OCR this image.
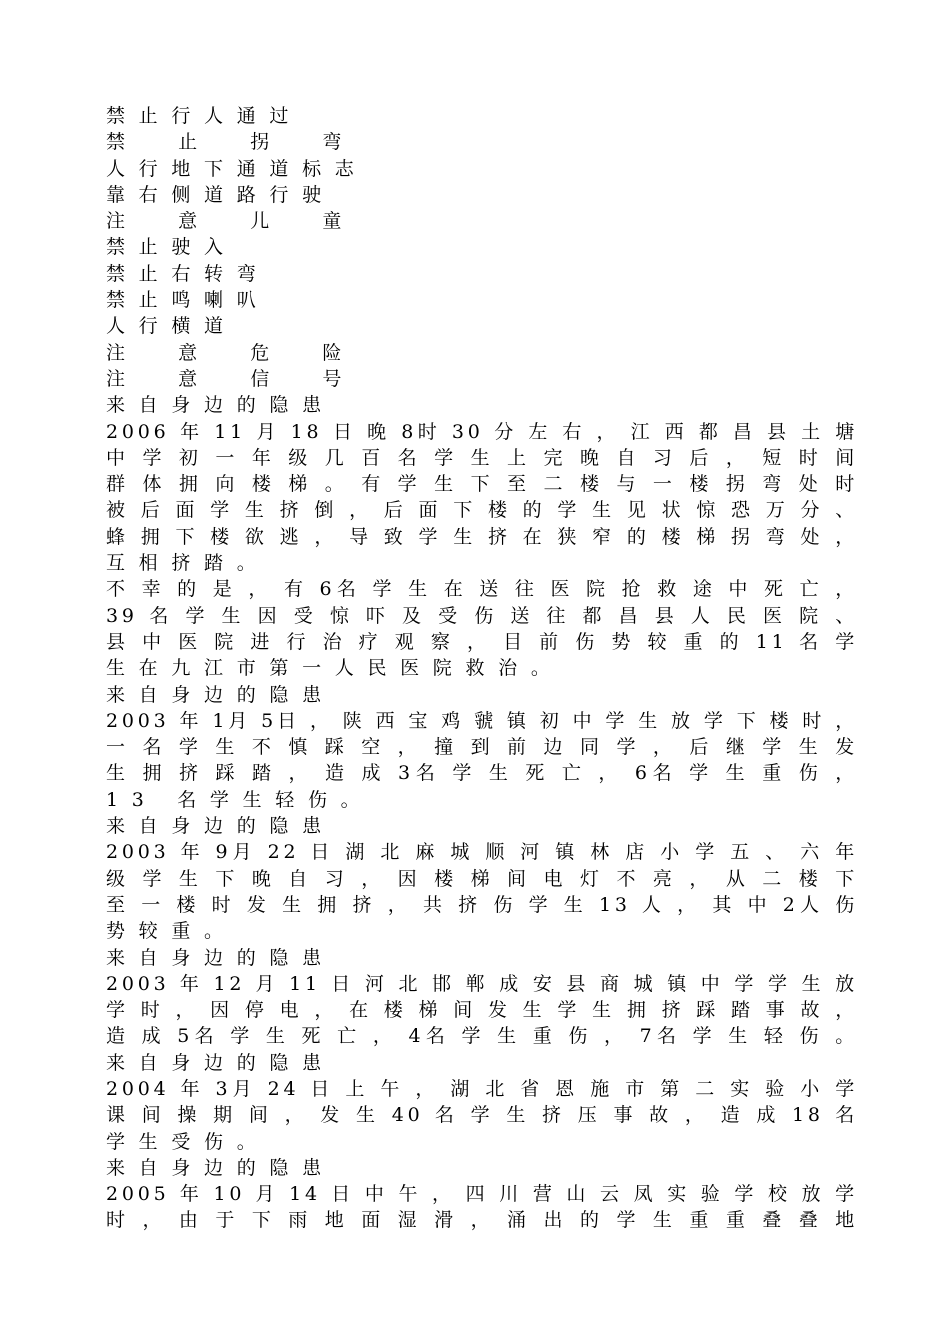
禁止行人通过
禁  止  拐  弯
人行地下通道标志
靠右侧道路行驶
注  意  儿  童
禁止驶入
禁止右转弯
禁止鸣喇叭
人行横道
注  意  危  险
注  意  信  号
来自身边的隐患
2006 年 11 月 18 日 晚 8时 30 分 左 右 ， 江 西 都 昌 县 土 塘
中 学 初 一 年 级 几 百 名 学 生 上 完 晚 自 习 后 ， 短 时 间
群 体 拥 向 楼 梯 。 有 学 生 下 至 二 楼 与 一 楼 拐 弯 处 时
被 后 面 学 生 挤 倒 ， 后 面 下 楼 的 学 生 见 状 惊 恐 万 分 、
蜂 拥 下 楼 欲 逃 ， 导 致 学 生 挤 在 狭 窄 的 楼 梯 拐 弯 处 ，
互相挤踏。
不 幸 的 是 ， 有 6名 学 生 在 送 往 医 院 抢 救 途 中 死 亡 ，
39 名 学 生 因 受 惊 吓 及 受 伤 送 往 都 昌 县 人 民 医 院 、
县 中 医 院 进 行 治 疗 观 察 ， 目 前 伤 势 较 重 的 11 名 学
生在九江市第一人民医院救治。
来自身边的隐患
2003 年 1月 5日 ， 陕 西 宝 鸡 虢 镇 初 中 学 生 放 学 下 楼 时 ，
一 名 学 生 不 慎 踩 空 ， 撞 到 前 边 同 学 ， 后 继 学 生 发
生 拥 挤 踩 踏 ， 造 成 3名 学 生 死 亡 ， 6名 学 生 重 伤 ，
13 名学生轻伤。
来自身边的隐患
2003 年 9月 22 日 湖 北 麻 城 顺 河 镇 林 店 小 学 五 、 六 年
级 学 生 下 晚 自 习 ， 因 楼 梯 间 电 灯 不 亮 ， 从 二 楼 下
至 一 楼 时 发 生 拥 挤 ， 共 挤 伤 学 生 13 人 ， 其 中 2人 伤
势较重。
来自身边的隐患
2003 年 12 月 11 日 河 北 邯 郸 成 安 县 商 城 镇 中 学 学 生 放
学 时 ， 因 停 电 ， 在 楼 梯 间 发 生 学 生 拥 挤 踩 踏 事 故 ，
造 成 5名 学 生 死 亡 ， 4名 学 生 重 伤 ， 7名 学 生 轻 伤 。
来自身边的隐患
2004 年 3月 24 日 上 午 ， 湖 北 省 恩 施 市 第 二 实 验 小 学
课 间 操 期 间 ， 发 生 40 名 学 生 挤 压 事 故 ， 造 成 18 名
学生受伤。
来自身边的隐患
2005 年 10 月 14 日 中 午 ， 四 川 营 山 云 凤 实 验 学 校 放 学
时 ， 由 于 下 雨 地 面 湿 滑 ， 涌 出 的 学 生 重 重 叠 叠 地
